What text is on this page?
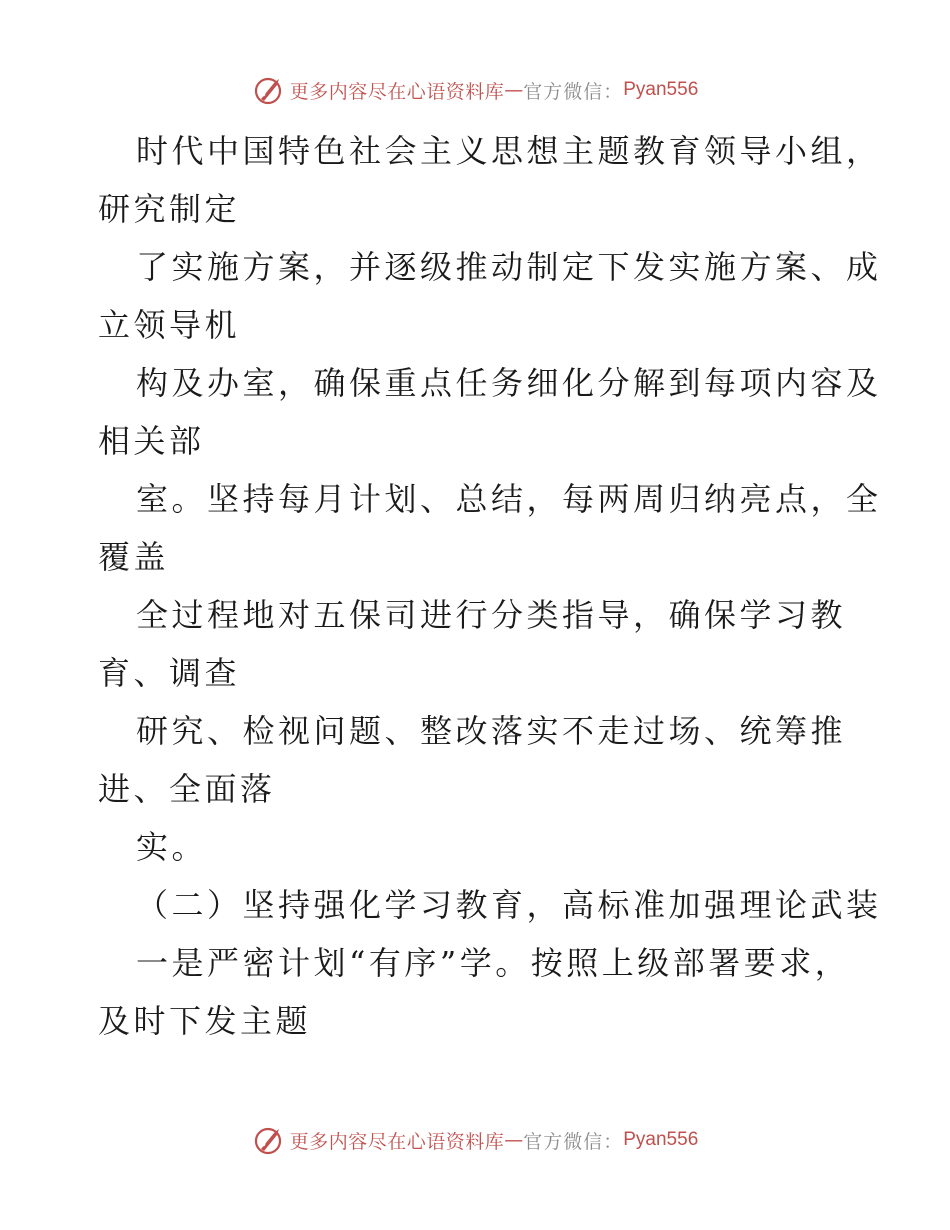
更多内容尽在心语资料库 — 官方微信： Pyan556
时代中国特色社会主义思想主题教育领导小组，
研究制定
了实施方案，并逐级推动制定下发实施方案、成
立领导机
构及办室，确保重点任务细化分解到每项内容及
相关部
室。坚持每月计划、总结，每两周归纳亮点，全
覆盖
全过程地对五保司进行分类指导，确保学习教
育、调查
研究、检视问题、整改落实不走过场、统筹推
进、全面落
实。
（二）坚持强化学习教育，高标准加强理论武装
一是严密计划“有序”学。按照上级部署要求，
及时下发主题
更多内容尽在心语资料库 — 官方微信： Pyan556
